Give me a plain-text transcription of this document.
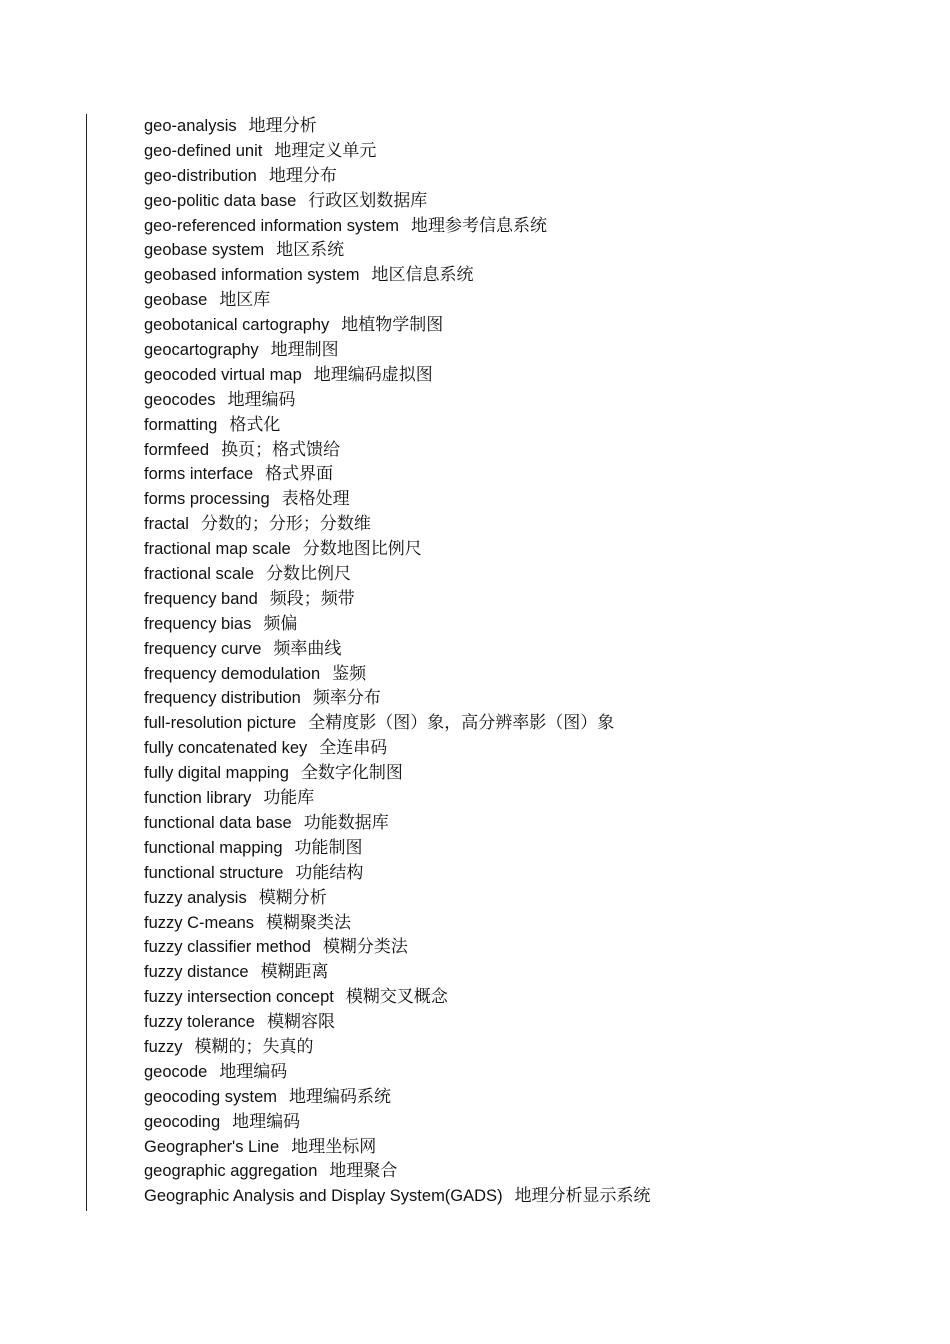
geo-analysis 地理分析
geo-defined unit 地理定义单元
geo-distribution 地理分布
geo-politic data base 行政区划数据库
geo-referenced information system 地理参考信息系统
geobase system 地区系统
geobased information system 地区信息系统
geobase 地区库
geobotanical cartography 地植物学制图
geocartography 地理制图
geocoded virtual map 地理编码虚拟图
geocodes 地理编码
formatting 格式化
formfeed 换页；格式馈给
forms interface 格式界面
forms processing 表格处理
fractal 分数的；分形；分数维
fractional map scale 分数地图比例尺
fractional scale 分数比例尺
frequency band 频段；频带
frequency bias 频偏
frequency curve 频率曲线
frequency demodulation 鉴频
frequency distribution 频率分布
full-resolution picture 全精度影（图）象，高分辨率影（图）象
fully concatenated key 全连串码
fully digital mapping 全数字化制图
function library 功能库
functional data base 功能数据库
functional mapping 功能制图
functional structure 功能结构
fuzzy analysis 模糊分析
fuzzy C-means 模糊聚类法
fuzzy classifier method 模糊分类法
fuzzy distance 模糊距离
fuzzy intersection concept 模糊交叉概念
fuzzy tolerance 模糊容限
fuzzy 模糊的；失真的
geocode 地理编码
geocoding system 地理编码系统
geocoding 地理编码
Geographer's Line 地理坐标网
geographic aggregation 地理聚合
Geographic Analysis and Display System(GADS) 地理分析显示系统
